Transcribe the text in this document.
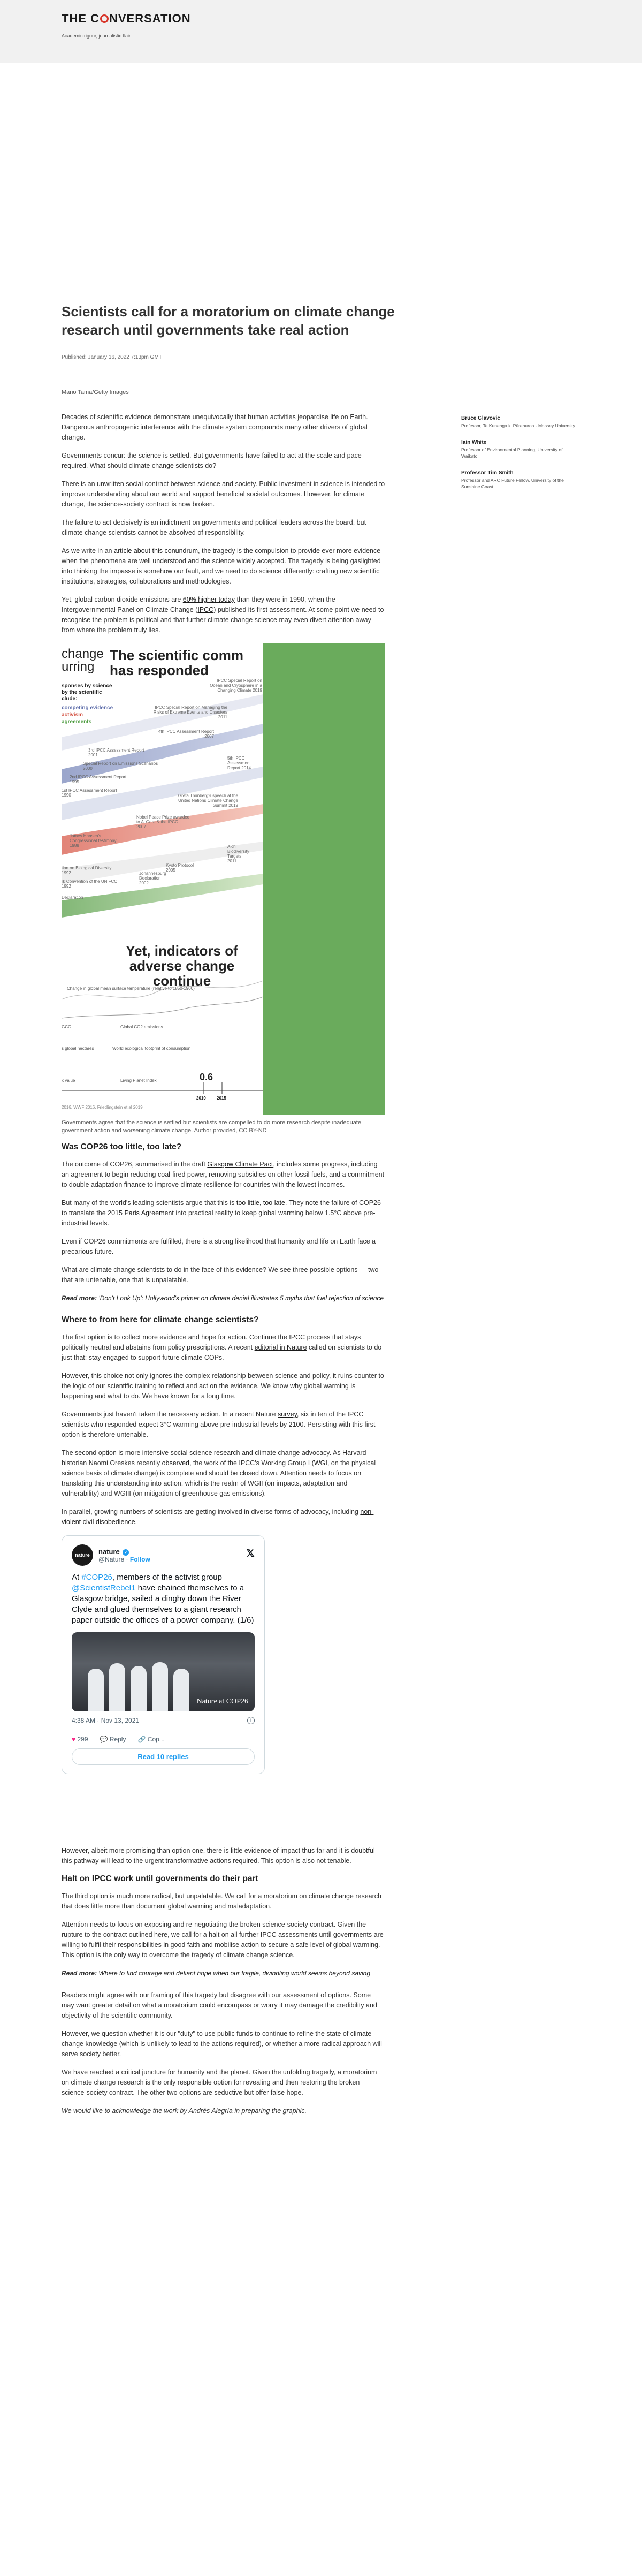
THE C NVERSATION
Academic rigour, journalistic flair
Scientists call for a moratorium on climate change research until governments take real action
Published: January 16, 2022 7:13pm GMT
Mario Tama/Getty Images
Bruce Glavovic
Professor, Te Kunenga ki Pūrehuroa - Massey University
Iain White
Professor of Environmental Planning, University of Waikato
Professor Tim Smith
Professor and ARC Future Fellow, University of the Sunshine Coast

Decades of scientific evidence demonstrate unequivocally that human activities jeopardise life on Earth. Dangerous anthropogenic interference with the climate system compounds many other drivers of global change.

Governments concur: the science is settled. But governments have failed to act at the scale and pace required. What should climate change scientists do?

There is an unwritten social contract between science and society. Public investment in science is intended to improve understanding about our world and support beneficial societal outcomes. However, for climate change, the science-society contract is now broken.

The failure to act decisively is an indictment on governments and political leaders across the board, but climate change scientists cannot be absolved of responsibility.

As we write in an article about this conundrum, the tragedy is the compulsion to provide ever more evidence when the phenomena are well understood and the science widely accepted. The tragedy is being gaslighted into thinking the impasse is somehow our fault, and we need to do science differently: crafting new scientific institutions, strategies, collaborations and methodologies.

Yet, global carbon dioxide emissions are 60% higher today than they were in 1990, when the Intergovernmental Panel on Climate Change (IPCC) published its first assessment. At some point we need to recognise the problem is political and that further climate change science may even divert attention away from where the problem truly lies.

change
urring
The scientific comm
has responded
sponses by science
by the scientific
clude:
competing evidence
activism
agreements
IPCC Special Report on
Ocean and Cryosphere in a
Changing Climate 2019
IPCC Special Report on Managing the
Risks of Extreme Events and Disasters
2011
4th IPCC Assessment Report
2007
3rd IPCC Assessment Report
2001
Special Report on Emissions Scenarios
2000
2nd IPCC Assessment Report
1995
1st IPCC Assessment Report
1990
5th IPCC
Assessment
Report 2014
Greta Thunberg's speech at the
United Nations Climate Change
Summit 2019
Nobel Peace Prize awarded
to Al Gore & the IPCC
2007
James Hansen's
Congressional testimony
1988	Aichi
Biodiversity
Targets
2011
Kyoto Protocol
2005
Johannesburg
Declaration
2002
tion on Biological Diversity
1992
rk Convention of the UN FCC
1992
Declaration
Yet, indicators of
adverse change continue
Change in global mean surface temperature (relative to 1850-1900)
GCC	Global CO2 emissions
s global hectares	World ecological footprint of consumption
x value	Living Planet Index	0.6
2010	2015
2016, WWF 2016, Friedlingstein et al 2019

Governments agree that the science is settled but scientists are compelled to do more research despite inadequate government action and worsening climate change. Author provided, CC BY-ND

Was COP26 too little, too late?

The outcome of COP26, summarised in the draft Glasgow Climate Pact, includes some progress, including an agreement to begin reducing coal-fired power, removing subsidies on other fossil fuels, and a commitment to double adaptation finance to improve climate resilience for countries with the lowest incomes.

But many of the world's leading scientists argue that this is too little, too late. They note the failure of COP26 to translate the 2015 Paris Agreement into practical reality to keep global warming below 1.5°C above pre-industrial levels.

Even if COP26 commitments are fulfilled, there is a strong likelihood that humanity and life on Earth face a precarious future.

What are climate change scientists to do in the face of this evidence? We see three possible options — two that are untenable, one that is unpalatable.

Read more: 'Don't Look Up': Hollywood's primer on climate denial illustrates 5 myths that fuel rejection of science

Where to from here for climate change scientists?

The first option is to collect more evidence and hope for action. Continue the IPCC process that stays politically neutral and abstains from policy prescriptions. A recent editorial in Nature called on scientists to do just that: stay engaged to support future climate COPs.

However, this choice not only ignores the complex relationship between science and policy, it ruins counter to the logic of our scientific training to reflect and act on the evidence. We know why global warming is happening and what to do. We have known for a long time.

Governments just haven't taken the necessary action. In a recent Nature survey, six in ten of the IPCC scientists who responded expect 3°C warming above pre-industrial levels by 2100. Persisting with this first option is therefore untenable.

The second option is more intensive social science research and climate change advocacy. As Harvard historian Naomi Oreskes recently observed, the work of the IPCC's Working Group I (WGI, on the physical science basis of climate change) is complete and should be closed down. Attention needs to focus on translating this understanding into action, which is the realm of WGII (on impacts, adaptation and vulnerability) and WGIII (on mitigation of greenhouse gas emissions).

In parallel, growing numbers of scientists are getting involved in diverse forms of advocacy, including non-violent civil disobedience.

nature	nature ✓
@Nature · Follow	𝕏
At #COP26, members of the activist group @ScientistRebel1 have chained themselves to a Glasgow bridge, sailed a dinghy down the River Clyde and glued themselves to a giant research paper outside the offices of a power company. (1/6)
Nature at COP26
4:38 AM · Nov 13, 2021	i
♥ 299 💬 Reply 🔗 Cop...
Read 10 replies

However, albeit more promising than option one, there is little evidence of impact thus far and it is doubtful this pathway will lead to the urgent transformative actions required. This option is also not tenable.

Halt on IPCC work until governments do their part

The third option is much more radical, but unpalatable. We call for a moratorium on climate change research that does little more than document global warming and maladaptation.

Attention needs to focus on exposing and re-negotiating the broken science-society contract. Given the rupture to the contract outlined here, we call for a halt on all further IPCC assessments until governments are willing to fulfil their responsibilities in good faith and mobilise action to secure a safe level of global warming. This option is the only way to overcome the tragedy of climate change science.

Read more: Where to find courage and defiant hope when our fragile, dwindling world seems beyond saving

Readers might agree with our framing of this tragedy but disagree with our assessment of options. Some may want greater detail on what a moratorium could encompass or worry it may damage the credibility and objectivity of the scientific community.

However, we question whether it is our "duty" to use public funds to continue to refine the state of climate change knowledge (which is unlikely to lead to the actions required), or whether a more radical approach will serve society better.

We have reached a critical juncture for humanity and the planet. Given the unfolding tragedy, a moratorium on climate change research is the only responsible option for revealing and then restoring the broken science-society contract. The other two options are seductive but offer false hope.

We would like to acknowledge the work by Andrés Alegría in preparing the graphic.
